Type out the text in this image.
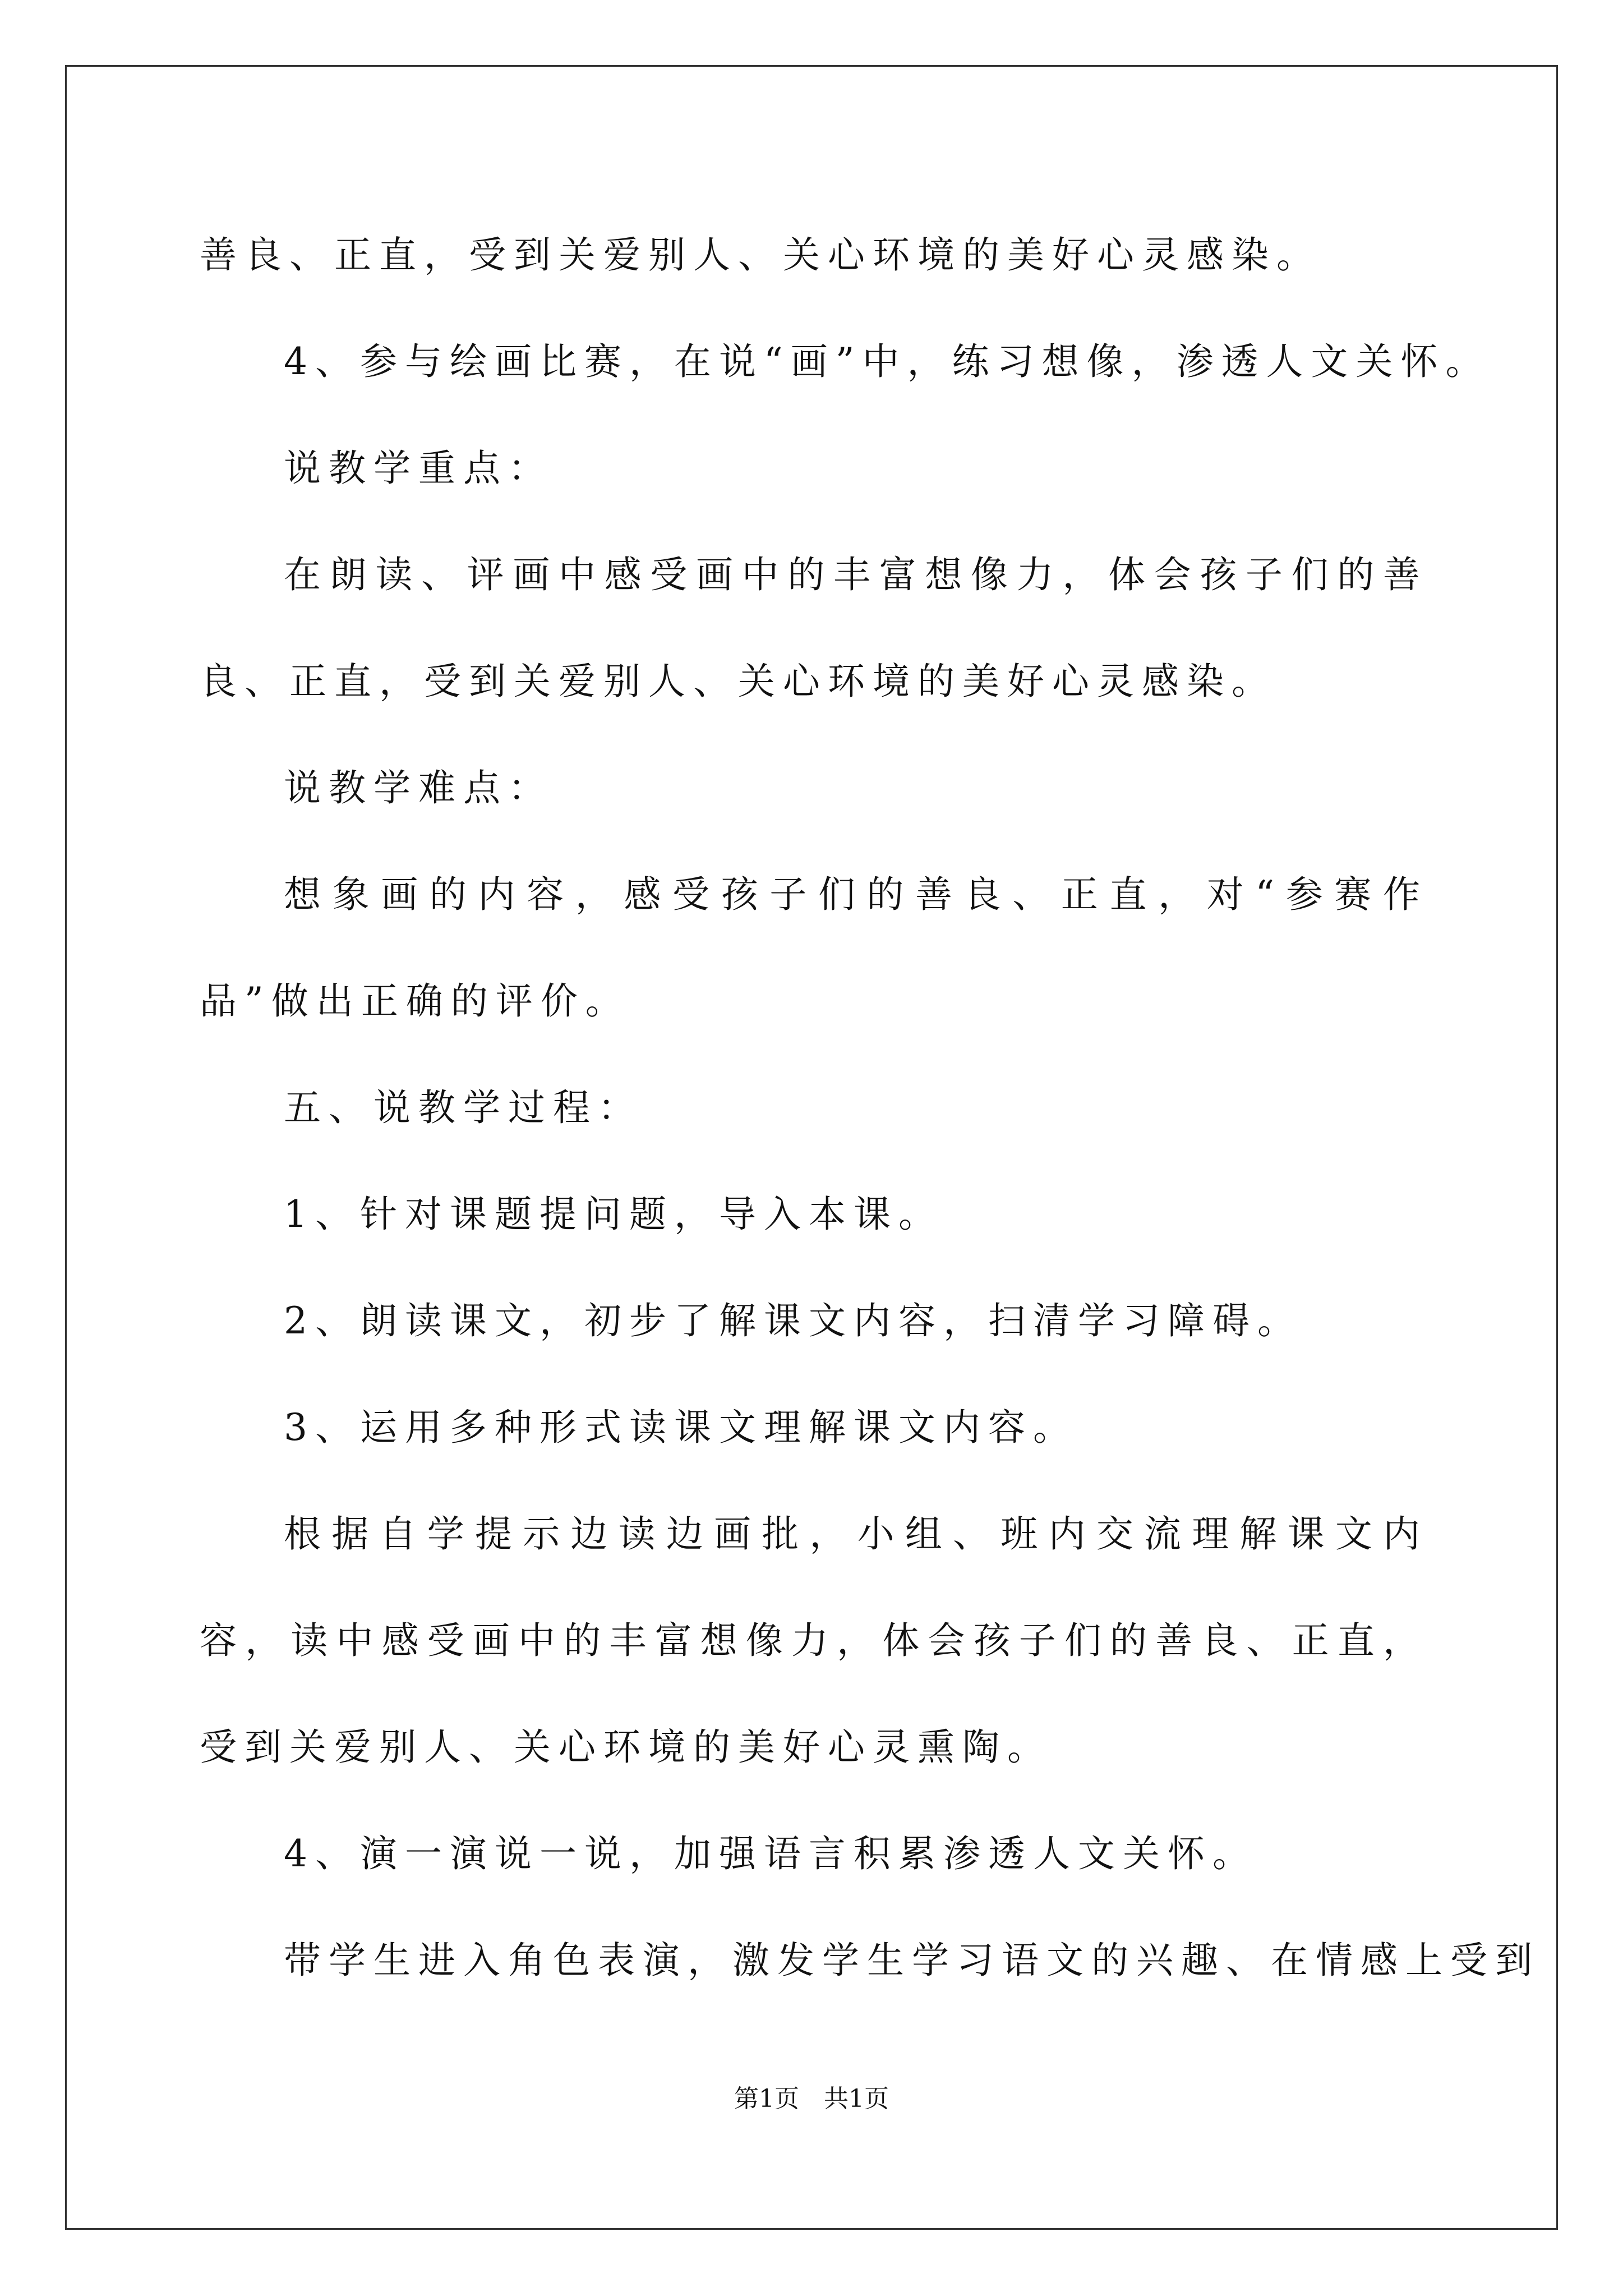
善良、正直，受到关爱别人、关心环境的美好心灵感染。

4、参与绘画比赛，在说“画”中，练习想像，渗透人文关怀。

说教学重点：

在朗读、评画中感受画中的丰富想像力，体会孩子们的善良、正直，受到关爱别人、关心环境的美好心灵感染。

说教学难点：

想象画的内容，感受孩子们的善良、正直，对“参赛作品”做出正确的评价。

五、说教学过程：

1、针对课题提问题，导入本课。

2、朗读课文，初步了解课文内容，扫清学习障碍。

3、运用多种形式读课文理解课文内容。

根据自学提示边读边画批，小组、班内交流理解课文内容，读中感受画中的丰富想像力，体会孩子们的善良、正直，受到关爱别人、关心环境的美好心灵熏陶。

4、演一演说一说，加强语言积累渗透人文关怀。

带学生进入角色表演，激发学生学习语文的兴趣、在情感上受到

第1页　共1页
